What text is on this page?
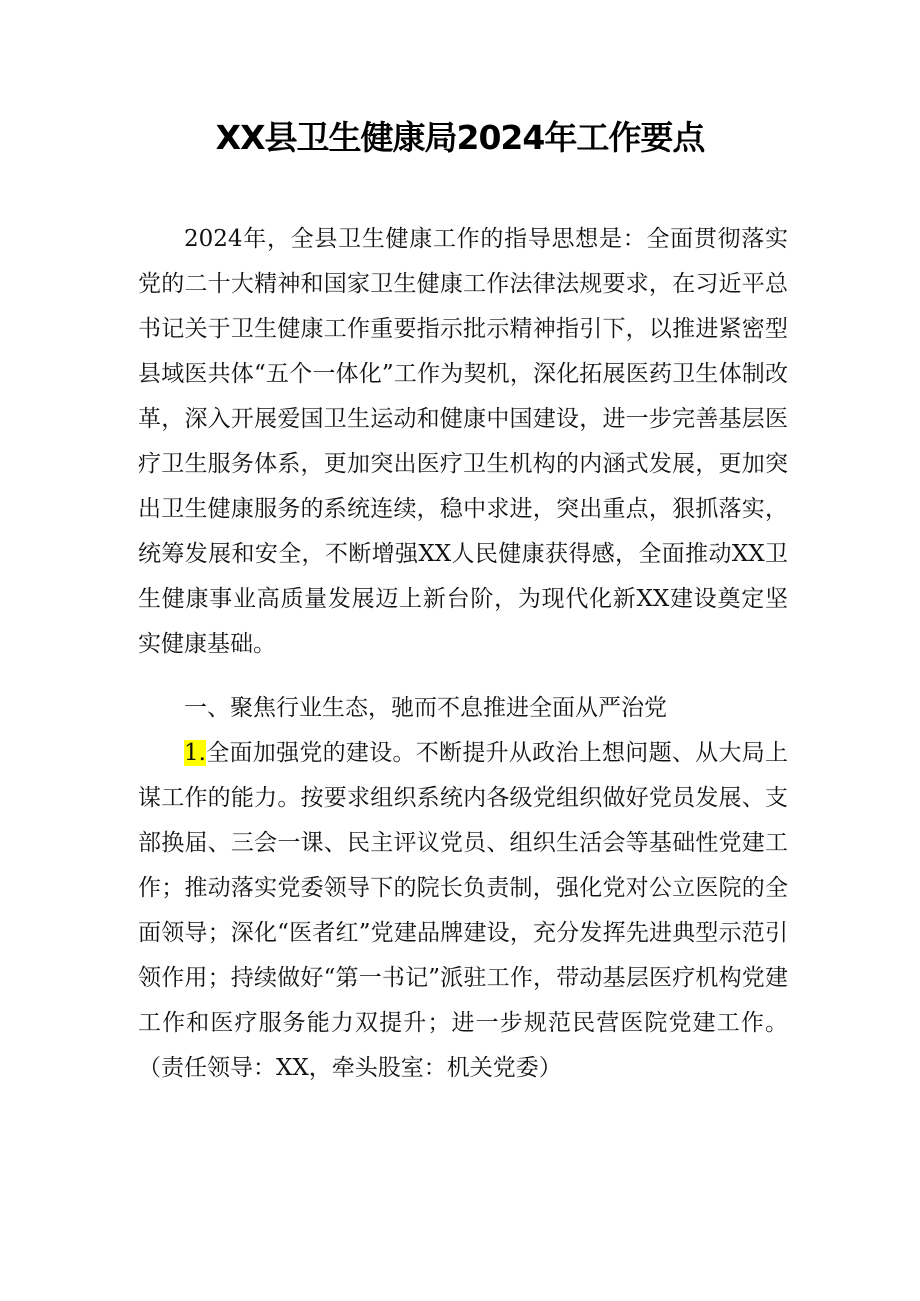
XX县卫生健康局2024年工作要点

2024年，全县卫生健康工作的指导思想是：全面贯彻落实党的二十大精神和国家卫生健康工作法律法规要求，在习近平总书记关于卫生健康工作重要指示批示精神指引下，以推进紧密型县域医共体“五个一体化”工作为契机，深化拓展医药卫生体制改革，深入开展爱国卫生运动和健康中国建设，进一步完善基层医疗卫生服务体系，更加突出医疗卫生机构的内涵式发展，更加突出卫生健康服务的系统连续，稳中求进，突出重点，狠抓落实，统筹发展和安全，不断增强XX人民健康获得感，全面推动XX卫生健康事业高质量发展迈上新台阶，为现代化新XX建设奠定坚实健康基础。

一、聚焦行业生态，驰而不息推进全面从严治党

1.全面加强党的建设。不断提升从政治上想问题、从大局上谋工作的能力。按要求组织系统内各级党组织做好党员发展、支部换届、三会一课、民主评议党员、组织生活会等基础性党建工作；推动落实党委领导下的院长负责制，强化党对公立医院的全面领导；深化“医者红”党建品牌建设，充分发挥先进典型示范引领作用；持续做好“第一书记”派驻工作，带动基层医疗机构党建工作和医疗服务能力双提升；进一步规范民营医院党建工作。（责任领导：XX，牵头股室：机关党委）
